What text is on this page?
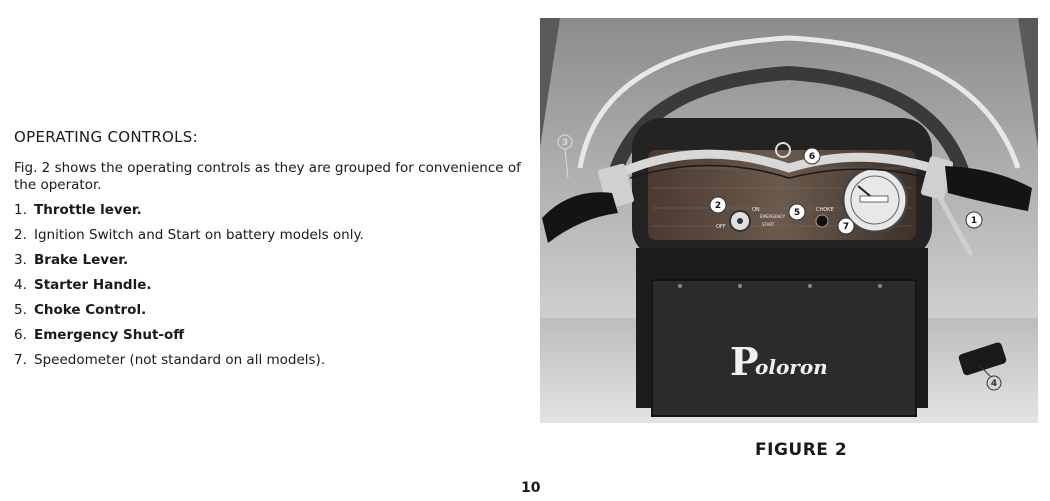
OPERATING CONTROLS:

Fig. 2 shows the operating controls as they are grouped for convenience of the operator.

1. Throttle lever.
2. Ignition Switch and Start on battery models only.
3. Brake Lever.
4. Starter Handle.
5. Choke Control.
6. Emergency Shut-off
7. Speedometer (not standard on all models).
ON
OFF
EMERGENCY
START
CHOKE
P
oloron
1
2
3
4
5
6
7
FIGURE 2
10
